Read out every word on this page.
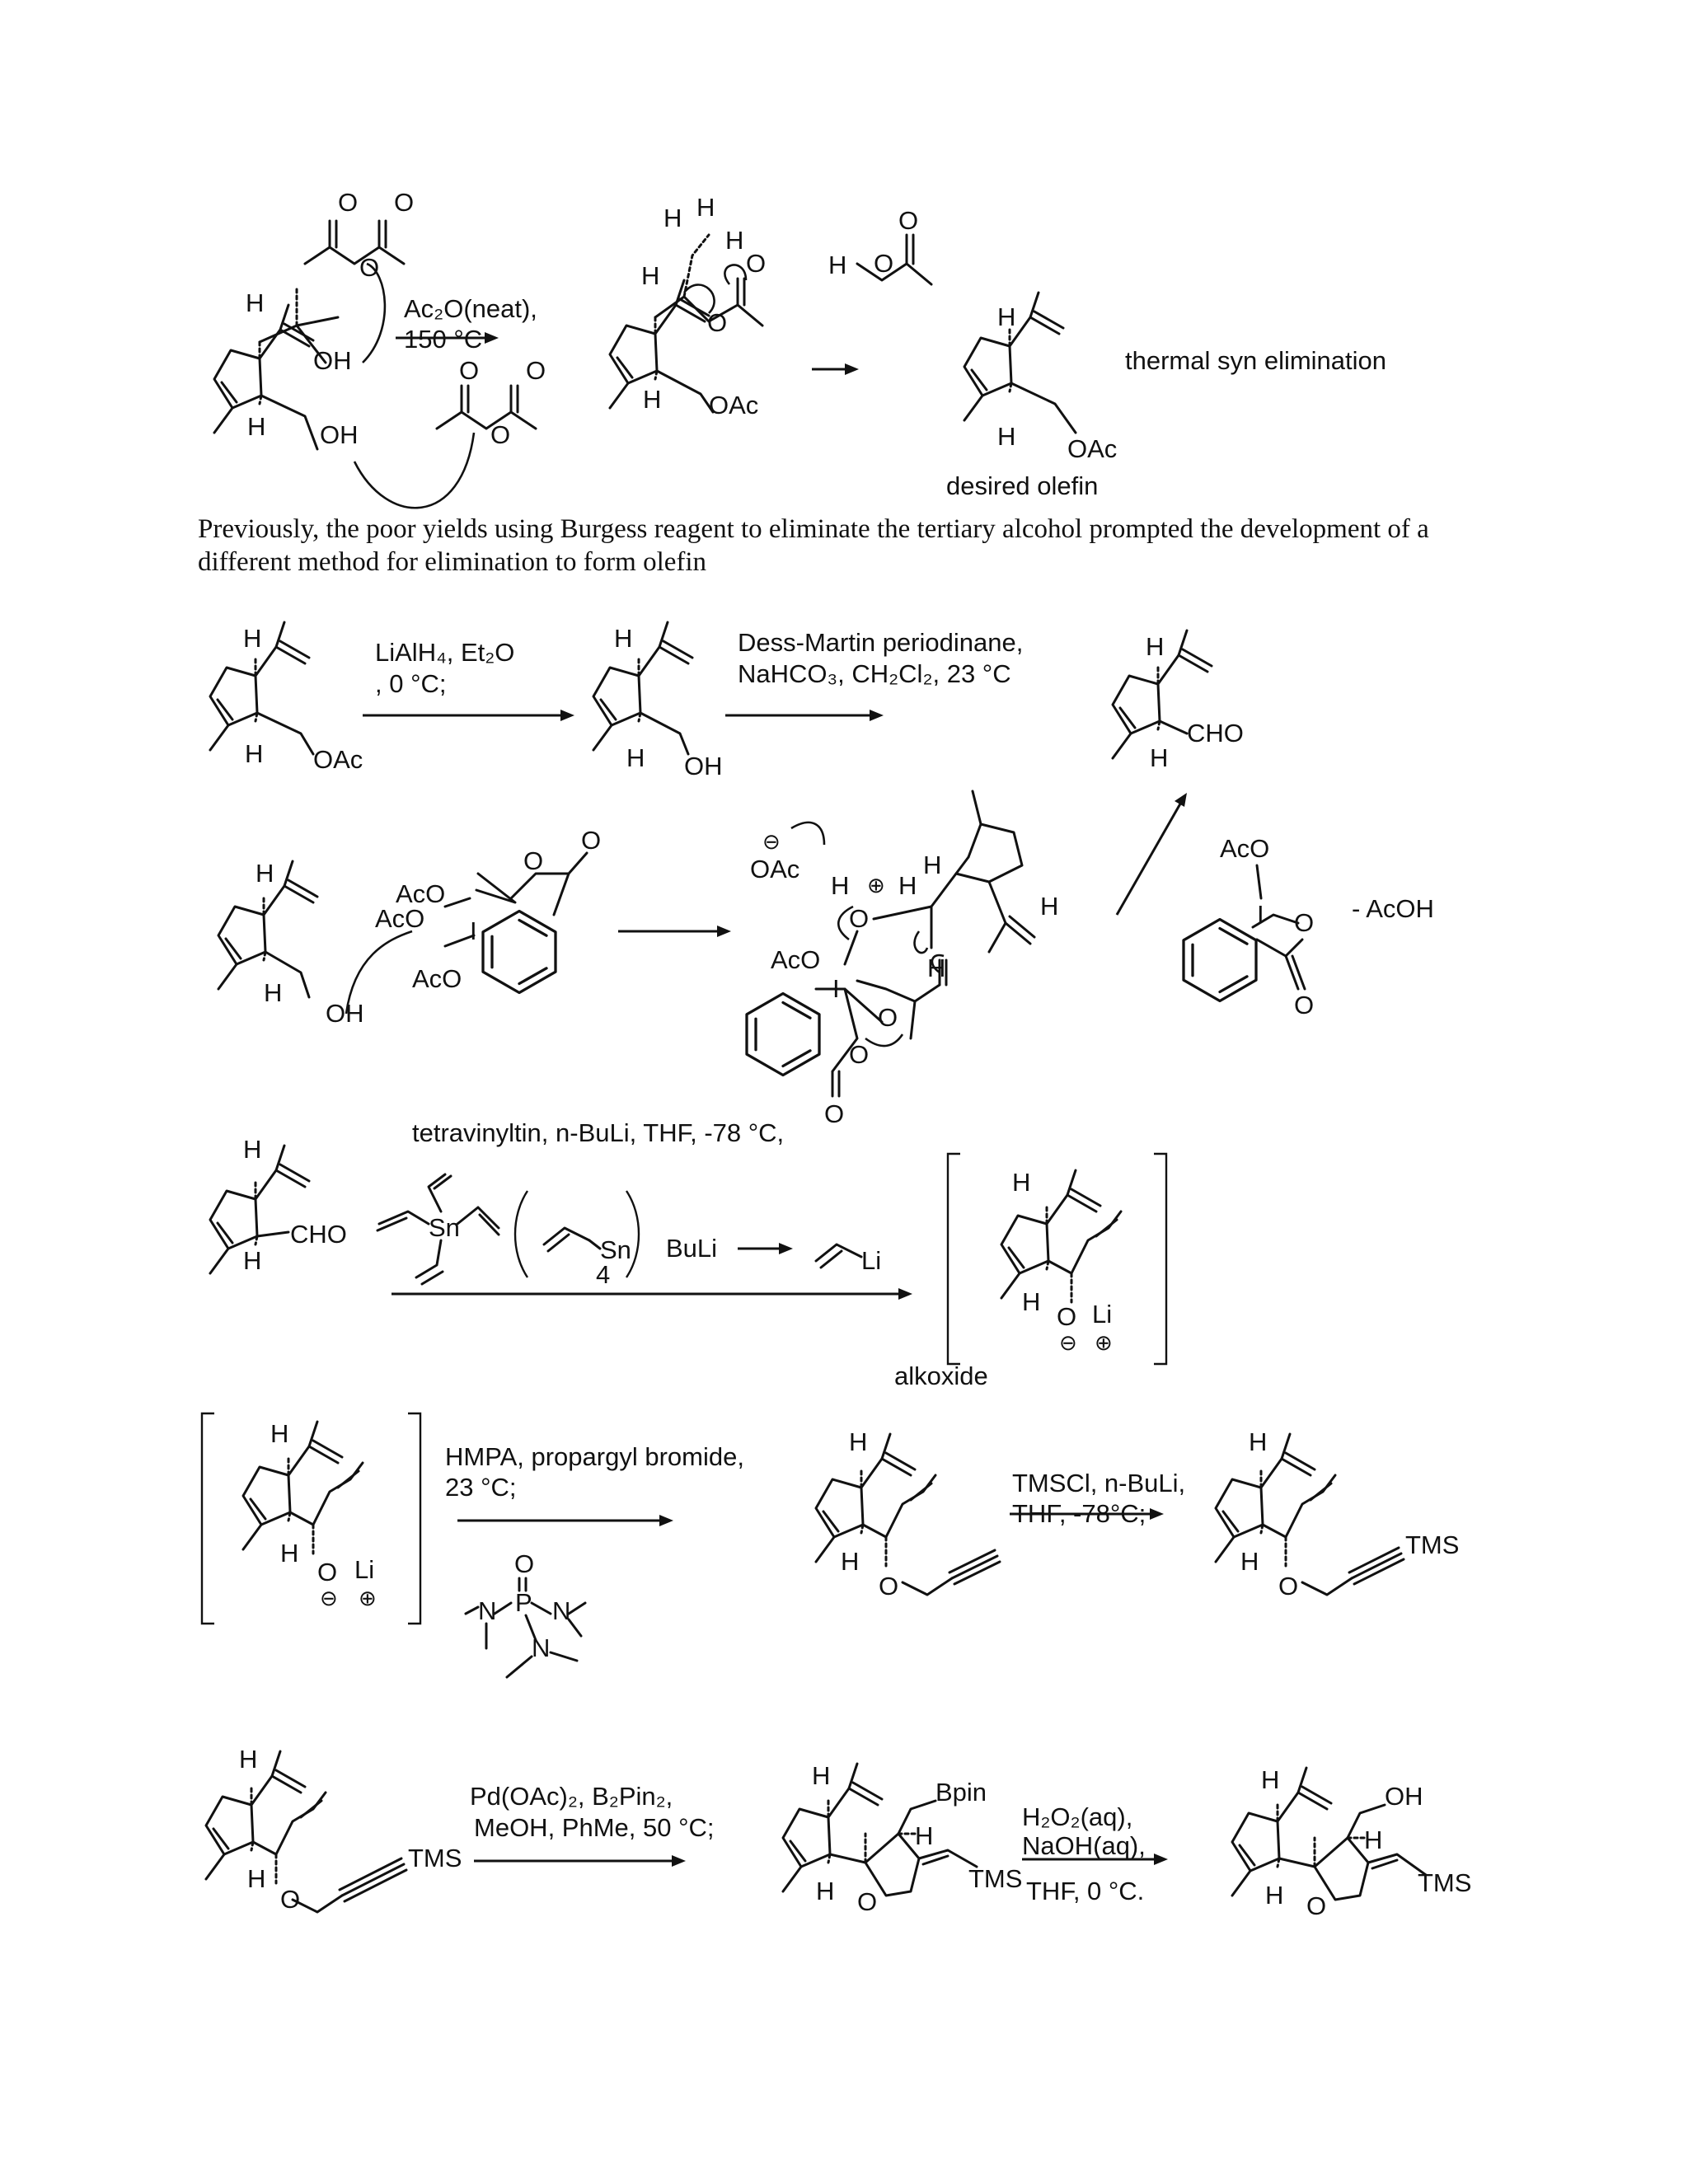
H
H
OH
OH
O O
O
O O
O
Ac₂O(neat),
150 °C
H
H
H H
H
O
O
OAc
H O
O
H
H OAc
desired olefin
thermal syn elimination
Previously, the poor yields using Burgess reagent to eliminate the tertiary alcohol prompted the development of a
different method for elimination to form olefin
H
H OAc
LiAlH₄, Et₂O
, 0 °C;
H
H OH
Dess-Martin periodinane,
NaHCO₃, CH₂Cl₂, 23 °C
H
H
CHO
H
H
OH
AcO
AcO I
AcO
O
O
OAc
⊖
H ⊕ H
O
H
H
H
AcO
I
O
O
O
AcO
I O
O
- AcOH
H
H
CHO
tetravinyltin, n-BuLi, THF, -78 °C,
Sn
Sn
4
BuLi	Li
H
H
O Li
⊖ ⊕
alkoxide
H
H
O Li
⊖ ⊕
HMPA, propargyl bromide,
23 °C;
O
P
N N
N
H
H
O
TMSCl, n-BuLi,
THF, -78°C;
H
H
O
TMS
H
H
O
TMS
Pd(OAc)₂, B₂Pin₂,
MeOH, PhMe, 50 °C;
H
H O
H
Bpin
TMS
H₂O₂(aq),
NaOH(aq),
THF, 0 °C.
H
H O
H
OH
TMS
